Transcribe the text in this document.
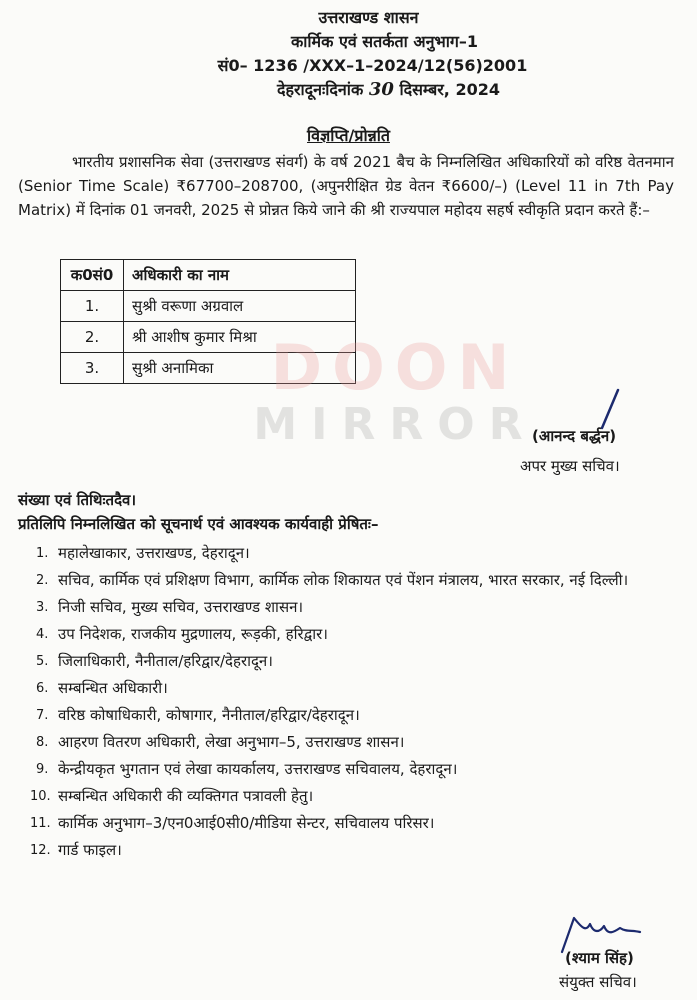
उत्तराखण्ड शासन
कार्मिक एवं सतर्कता अनुभाग–1
सं0– 1236 /XXX–1–2024/12(56)2001
देहरादूनःदिनांक 30 दिसम्बर, 2024
विज्ञप्ति/प्रोन्नति
भारतीय प्रशासनिक सेवा (उत्तराखण्ड संवर्ग) के वर्ष 2021 बैच के निम्नलिखित अधिकारियों को वरिष्ठ वेतनमान (Senior Time Scale) ₹67700–208700, (अपुनरीक्षित ग्रेड वेतन ₹6600/–) (Level 11 in 7th Pay Matrix) में दिनांक 01 जनवरी, 2025 से प्रोन्नत किये जाने की श्री राज्यपाल महोदय सहर्ष स्वीकृति प्रदान करते हैं:–
क0सं0	अधिकारी का नाम
1.	सुश्री वरूणा अग्रवाल
2.	श्री आशीष कुमार मिश्रा
3.	सुश्री अनामिका DOON
MIRROR
(आनन्द बर्द्धन)
अपर मुख्य सचिव।
संख्या एवं तिथिःतदैव।
प्रतिलिपि निम्नलिखित को सूचनार्थ एवं आवश्यक कार्यवाही प्रेषितः–
1. महालेखाकार, उत्तराखण्ड, देहरादून।
2. सचिव, कार्मिक एवं प्रशिक्षण विभाग, कार्मिक लोक शिकायत एवं पेंशन मंत्रालय, भारत सरकार, नई दिल्ली।
3. निजी सचिव, मुख्य सचिव, उत्तराखण्ड शासन।
4. उप निदेशक, राजकीय मुद्रणालय, रूड़की, हरिद्वार।
5. जिलाधिकारी, नैनीताल/हरिद्वार/देहरादून।
6. सम्बन्धित अधिकारी।
7. वरिष्ठ कोषाधिकारी, कोषागार, नैनीताल/हरिद्वार/देहरादून।
8. आहरण वितरण अधिकारी, लेखा अनुभाग–5, उत्तराखण्ड शासन।
9. केन्द्रीयकृत भुगतान एवं लेखा कायर्कालय, उत्तराखण्ड सचिवालय, देहरादून।
10. सम्बन्धित अधिकारी की व्यक्तिगत पत्रावली हेतु।
11. कार्मिक अनुभाग–3/एन0आई0सी0/मीडिया सेन्टर, सचिवालय परिसर।
12. गार्ड फाइल।
(श्याम सिंह)
संयुक्त सचिव।
